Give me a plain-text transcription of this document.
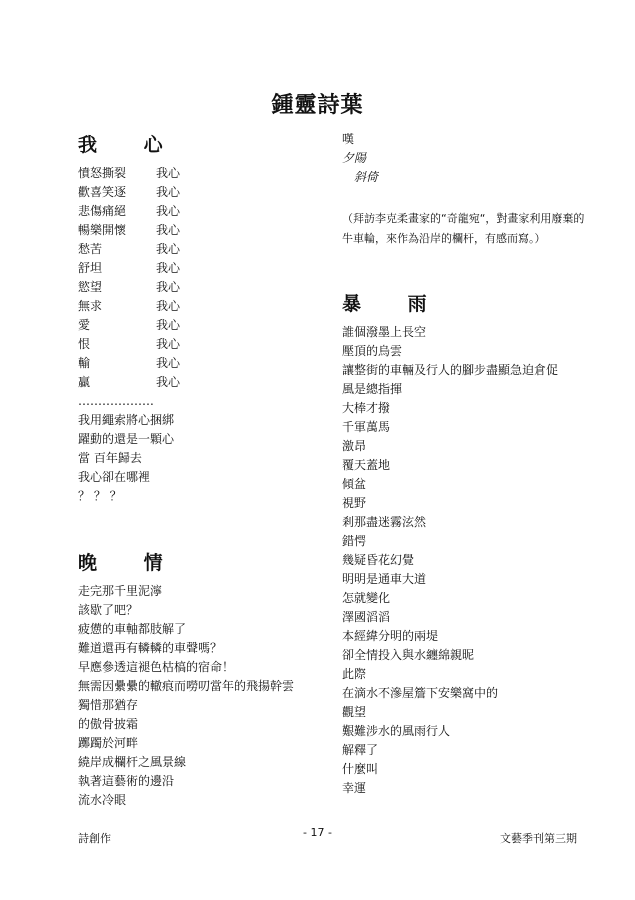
鍾靈詩葉
我 心
憤怒撕裂	我心
歡喜笑逐	我心
悲傷痛絕	我心
暢樂開懷	我心
愁苦	我心
舒坦	我心
慾望	我心
無求	我心
愛	我心
恨	我心
輸	我心
贏	我心
……………….
我用繩索將心捆綁
躍動的還是一顆心
當 百年歸去
我心卻在哪裡
？ ？ ？
晚 情
走完那千里泥濘
該歇了吧？
疲憊的車軸都肢解了
難道還再有轔轔的車聲嗎？
早應參透這褪色枯槁的宿命！
無需因纍纍的轍痕而嘮叨當年的飛揚幹雲
獨惜那猶存
的傲骨披霜
躑躅於河畔
繞岸成欄杆之風景線
執著這藝術的邊沿
流水冷眼
嘆
夕陽
斜倚
（拜訪李克柔畫家的“奇龍宛“，對畫家利用廢棄的牛車輪，來作為沿岸的欄杆，有感而寫。）
暴 雨
誰個潑墨上長空
壓頂的烏雲
讓整街的車輛及行人的腳步盡顯急迫倉促
風是總指揮
大棒才撥
千軍萬馬
激昂
覆天蓋地
傾盆
視野
剎那盡迷霧泫然
錯愕
幾疑昏花幻覺
明明是通車大道
怎就變化
澤國滔滔
本經緯分明的兩堤
卻全情投入與水纏綿親昵
此際
在滴水不滲屋簷下安樂窩中的
觀望
艱難涉水的風雨行人
解釋了
什麼叫
幸運
詩創作	- 17 -	文藝季刊第三期
